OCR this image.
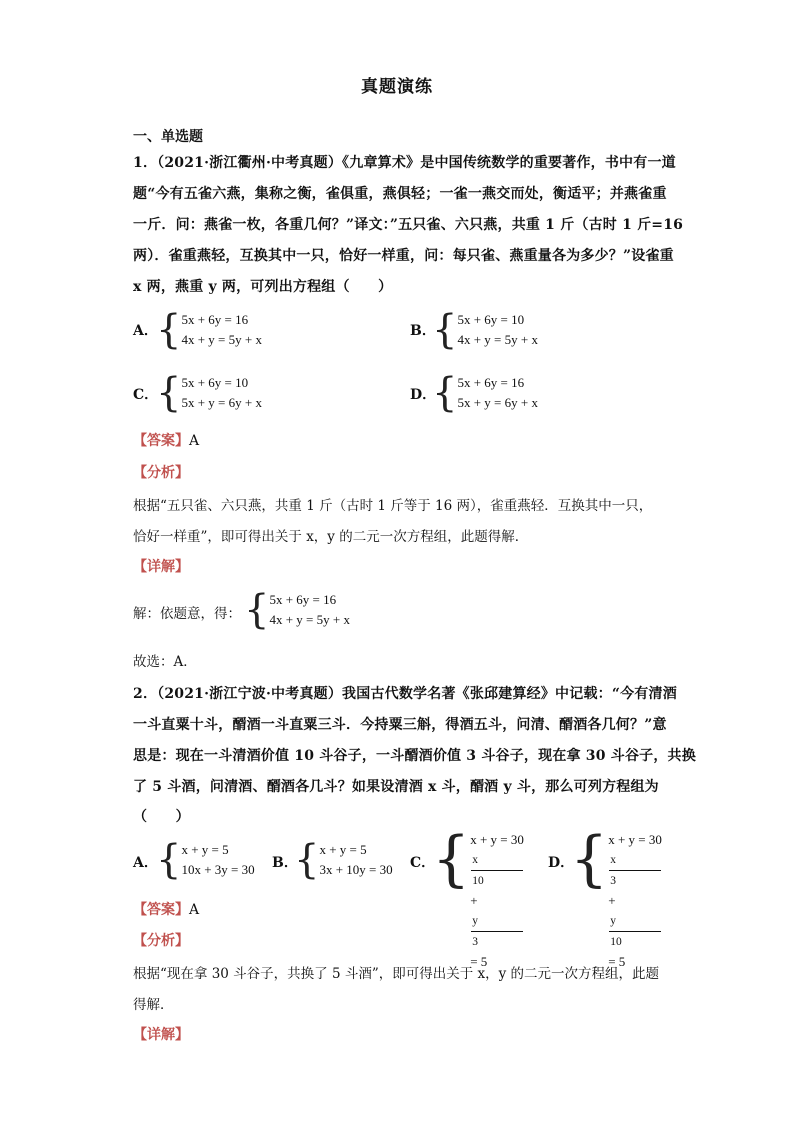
真题演练
一、单选题
1．（2021·浙江衢州·中考真题）《九章算术》是中国传统数学的重要著作，书中有一道
题“今有五雀六燕，集称之衡，雀俱重，燕俱轻；一雀一燕交而处，衡适平；并燕雀重
一斤．问：燕雀一枚，各重几何？”译文：”五只雀、六只燕，共重 1 斤（古时 1 斤=16
两）．雀重燕轻，互换其中一只，恰好一样重，问：每只雀、燕重量各为多少？”设雀重
x 两，燕重 y 两，可列出方程组（　　）
A．
{ 5x + 6y = 16
4x + y = 5y + x
B．
{ 5x + 6y = 10
4x + y = 5y + x
C．
{ 5x + 6y = 10
5x + y = 6y + x	D．
{ 5x + 6y = 16
5x + y = 6y + x
【答案】A
【分析】
根据“五只雀、六只燕，共重 1 斤（古时 1 斤等于 16 两），雀重燕轻．互换其中一只，
恰好一样重”，即可得出关于 x，y 的二元一次方程组，此题得解．
【详解】
解：依题意，得： { 5x + 6y = 16
4x + y = 5y + x
故选：A．
2．（2021·浙江宁波·中考真题）我国古代数学名著《张邱建算经》中记载：“今有清酒
一斗直粟十斗，醑酒一斗直粟三斗．今持粟三斛，得酒五斗，问清、醑酒各几何？”意
思是：现在一斗清酒价值 10 斗谷子，一斗醑酒价值 3 斗谷子，现在拿 30 斗谷子，共换
了 5 斗酒，问清酒、醑酒各几斗？如果设清酒 x 斗，醑酒 y 斗，那么可列方程组为
（　　）
A．
{ x + y = 5
10x + 3y = 30 B．
{ x + y = 5
3x + 10y = 30 C．
{ x + y = 30
x
10
+
y
3
= 5
D．
{ x + y = 30
x
3
+
y
10
= 5
【答案】A
【分析】
根据“现在拿 30 斗谷子，共换了 5 斗酒”，即可得出关于 x，y 的二元一次方程组，此题
得解．
【详解】
